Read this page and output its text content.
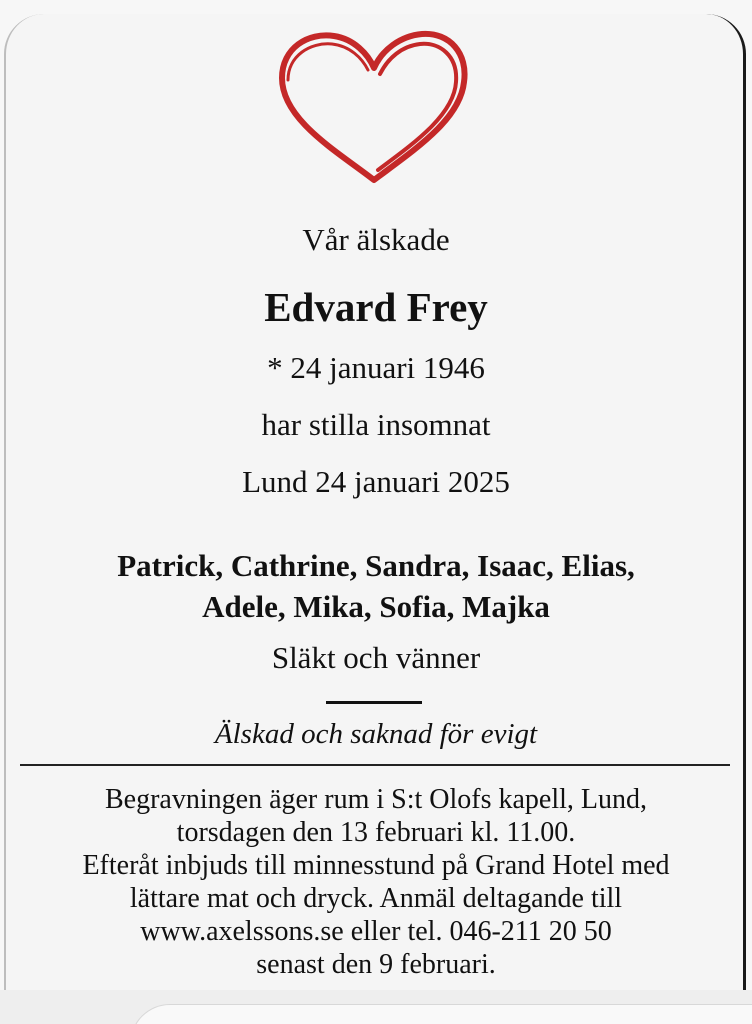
Vår älskade

Edvard Frey

* 24 januari 1946

har stilla insomnat

Lund 24 januari 2025

Patrick, Cathrine, Sandra, Isaac, Elias,

Adele, Mika, Sofia, Majka

Släkt och vänner

Älskad och saknad för evigt

Begravningen äger rum i S:t Olofs kapell, Lund,

torsdagen den 13 februari kl. 11.00.

Efteråt inbjuds till minnesstund på Grand Hotel med

lättare mat och dryck. Anmäl deltagande till

www.axelssons.se eller tel. 046-211 20 50

senast den 9 februari.
